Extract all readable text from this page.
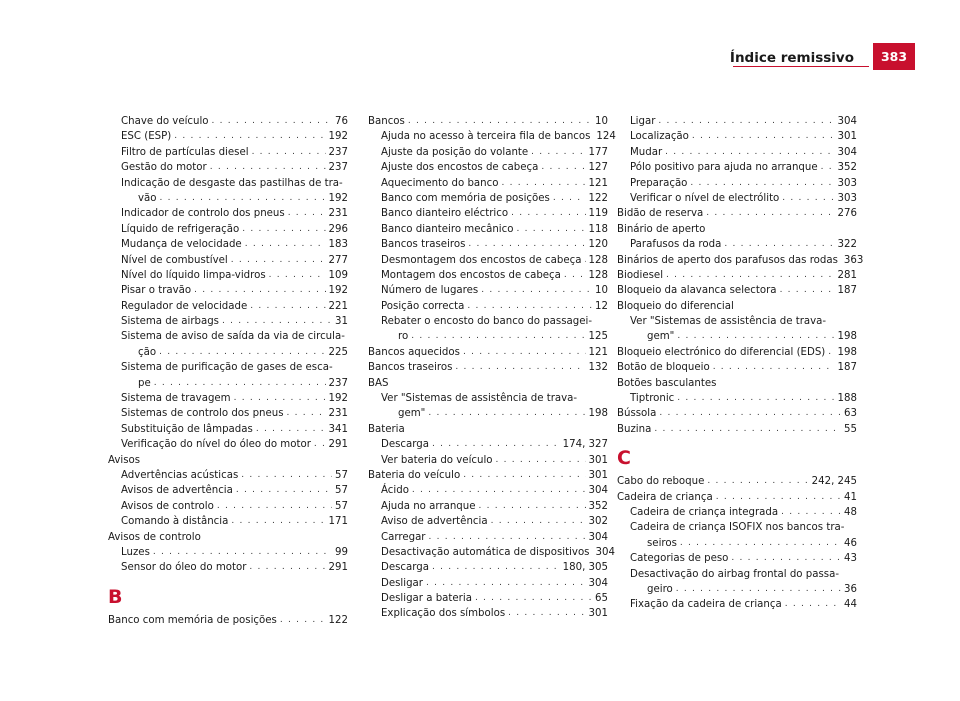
Índice remissivo	383
Chave do veículo . . .	76
ESC (ESP) . . .	192
Filtro de partículas diesel . . .	237
Gestão do motor . . .	237
Indicação de desgaste das pastilhas de tra-
vão . . .	192
Indicador de controlo dos pneus . . .	231
Líquido de refrigeração . . .	296
Mudança de velocidade . . .	183
Nível de combustível . . .	277
Nível do líquido limpa-vidros . . .	109
Pisar o travão . . .	192
Regulador de velocidade . . .	221
Sistema de airbags . . .	31
Sistema de aviso de saída da via de circula-
ção . . .	225
Sistema de purificação de gases de esca-
pe . . .	237
Sistema de travagem . . .	192
Sistemas de controlo dos pneus . . .	231
Substituição de lâmpadas . . .	341
Verificação do nível do óleo do motor . . . 291
Avisos
Advertências acústicas . . .	57
Avisos de advertência . . .	57
Avisos de controlo . . .	57
Comando à distância . . .	171
Avisos de controlo
Luzes . . .	99
Sensor do óleo do motor . . .	291
B
Banco com memória de posições . . .	122
Bancos . . .	10
Ajuda no acesso à terceira fila de bancos 124
Ajuste da posição do volante . . .	177
Ajuste dos encostos de cabeça . . .	127
Aquecimento do banco . . .	121
Banco com memória de posições . . .	122
Banco dianteiro eléctrico . . .	119
Banco dianteiro mecânico . . .	118
Bancos traseiros . . .	120
Desmontagem dos encostos de cabeça . . . 128
Montagem dos encostos de cabeça . . .	128
Número de lugares . . .	10
Posição correcta . . .	12
Rebater o encosto do banco do passagei-
ro . . .	125
Bancos aquecidos . . .	121
Bancos traseiros . . .	132
BAS
Ver "Sistemas de assistência de trava-
gem" . . .	198
Bateria
Descarga . . .	174, 327
Ver bateria do veículo . . .	301
Bateria do veículo . . .	301
Ácido . . .	304
Ajuda no arranque . . .	352
Aviso de advertência . . .	302
Carregar . . .	304
Desactivação automática de dispositivos 304
Descarga . . .	180, 305
Desligar . . .	304
Desligar a bateria . . .	65
Explicação dos símbolos . . .	301
Ligar . . .	304
Localização . . .	301
Mudar . . .	304
Pólo positivo para ajuda no arranque . . . 352
Preparação . . .	303
Verificar o nível de electrólito . . .	303
Bidão de reserva . . .	276
Binário de aperto
Parafusos da roda . . .	322
Binários de aperto dos parafusos das rodas 363
Biodiesel . . .	281
Bloqueio da alavanca selectora . . .	187
Bloqueio do diferencial
Ver "Sistemas de assistência de trava-
gem" . . .	198
Bloqueio electrónico do diferencial (EDS) . . . 198
Botão de bloqueio . . .	187
Botões basculantes
Tiptronic . . .	188
Bússola . . .	63
Buzina . . .	55
C
Cabo do reboque . . .	242, 245
Cadeira de criança . . .	41
Cadeira de criança integrada . . .	48
Cadeira de criança ISOFIX nos bancos tra-
seiros . . .	46
Categorias de peso . . .	43
Desactivação do airbag frontal do passa-
geiro . . .	36
Fixação da cadeira de criança . . .	44
